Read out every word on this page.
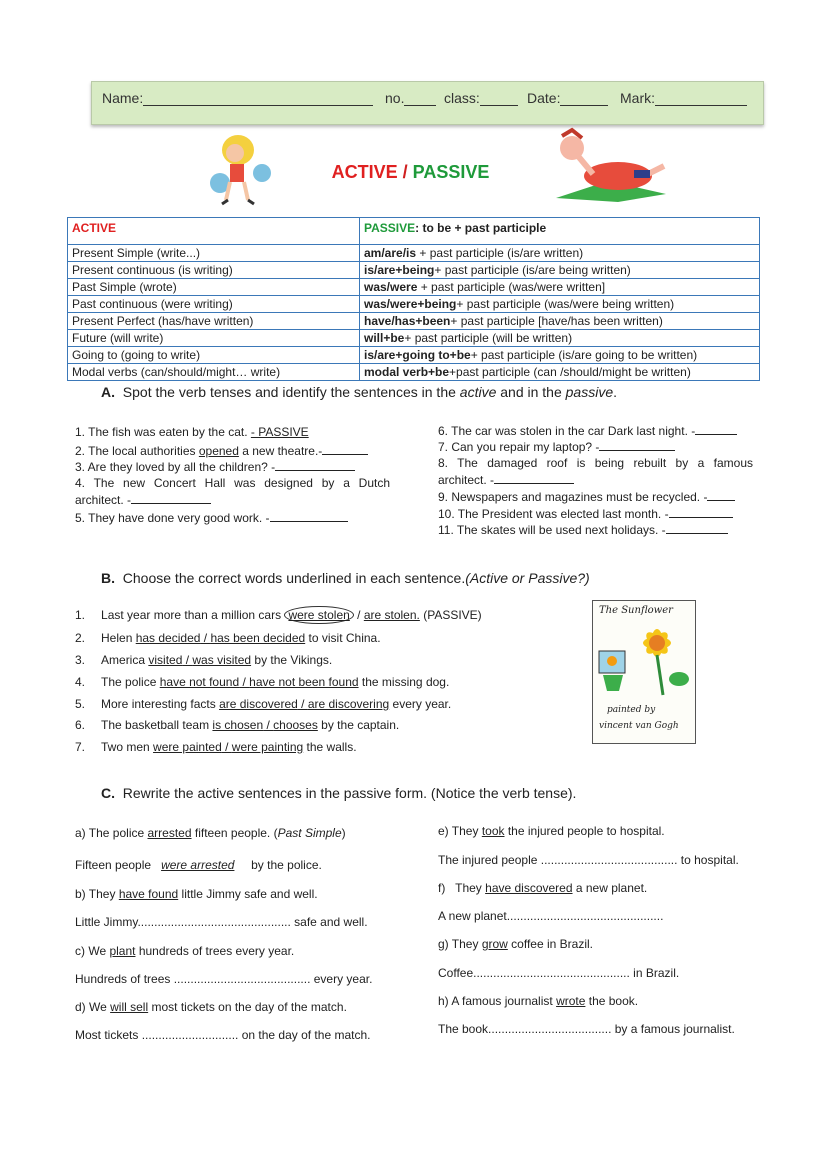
Name:	no.	class:	Date:	Mark:
ACTIVE / PASSIVE
ACTIVE	PASSIVE: to be + past participle
Present Simple (write...)	am/are/is + past participle (is/are written)
Present continuous (is writing)	is/are+being+ past participle (is/are being written)
Past Simple (wrote)	was/were + past participle (was/were written]
Past continuous (were writing)	was/were+being+ past participle (was/were being written)
Present Perfect (has/have written)	have/has+been+ past participle [have/has been written)
Future (will write)	will+be+ past participle (will be written)
Going to (going to write)	is/are+going to+be+ past participle (is/are going to be written)
Modal verbs (can/should/might… write)	modal verb+be+past participle (can /should/might be written)
A. Spot the verb tenses and identify the sentences in the active and in the passive.
1. The fish was eaten by the cat. - PASSIVE
2. The local authorities opened a new theatre.-
3. Are they loved by all the children? -
4. The new Concert Hall was designed by a Dutch
architect. -
5. They have done very good work. -
6. The car was stolen in the car Dark last night. -
7. Can you repair my laptop? -
8. The damaged roof is being rebuilt by a famous
architect. -
9. Newspapers and magazines must be recycled. -
10. The President was elected last month. -
11. The skates will be used next holidays. -
B. Choose the correct words underlined in each sentence.(Active or Passive?)
1. Last year more than a million cars were stolen / are stolen. (PASSIVE)
2. Helen has decided / has been decided to visit China.
3. America visited / was visited by the Vikings.
4. The police have not found / have not been found the missing dog.
5. More interesting facts are discovered / are discovering every year.
6. The basketball team is chosen / chooses by the captain.
7. Two men were painted / were painting the walls.
The Sunflower
painted by
vincent van Gogh
C. Rewrite the active sentences in the passive form. (Notice the verb tense).
a) The police arrested fifteen people. (Past Simple)
Fifteen people   were arrested     by the police.
b) They have found little Jimmy safe and well.
Little Jimmy.............................................. safe and well.
c) We plant hundreds of trees every year.
Hundreds of trees ......................................... every year.
d) We will sell most tickets on the day of the match.
Most tickets ............................. on the day of the match.
e) They took the injured people to hospital.
The injured people ......................................... to hospital.
f)   They have discovered a new planet.
A new planet...............................................
g) They grow coffee in Brazil.
Coffee............................................... in Brazil.
h) A famous journalist wrote the book.
The book..................................... by a famous journalist.
